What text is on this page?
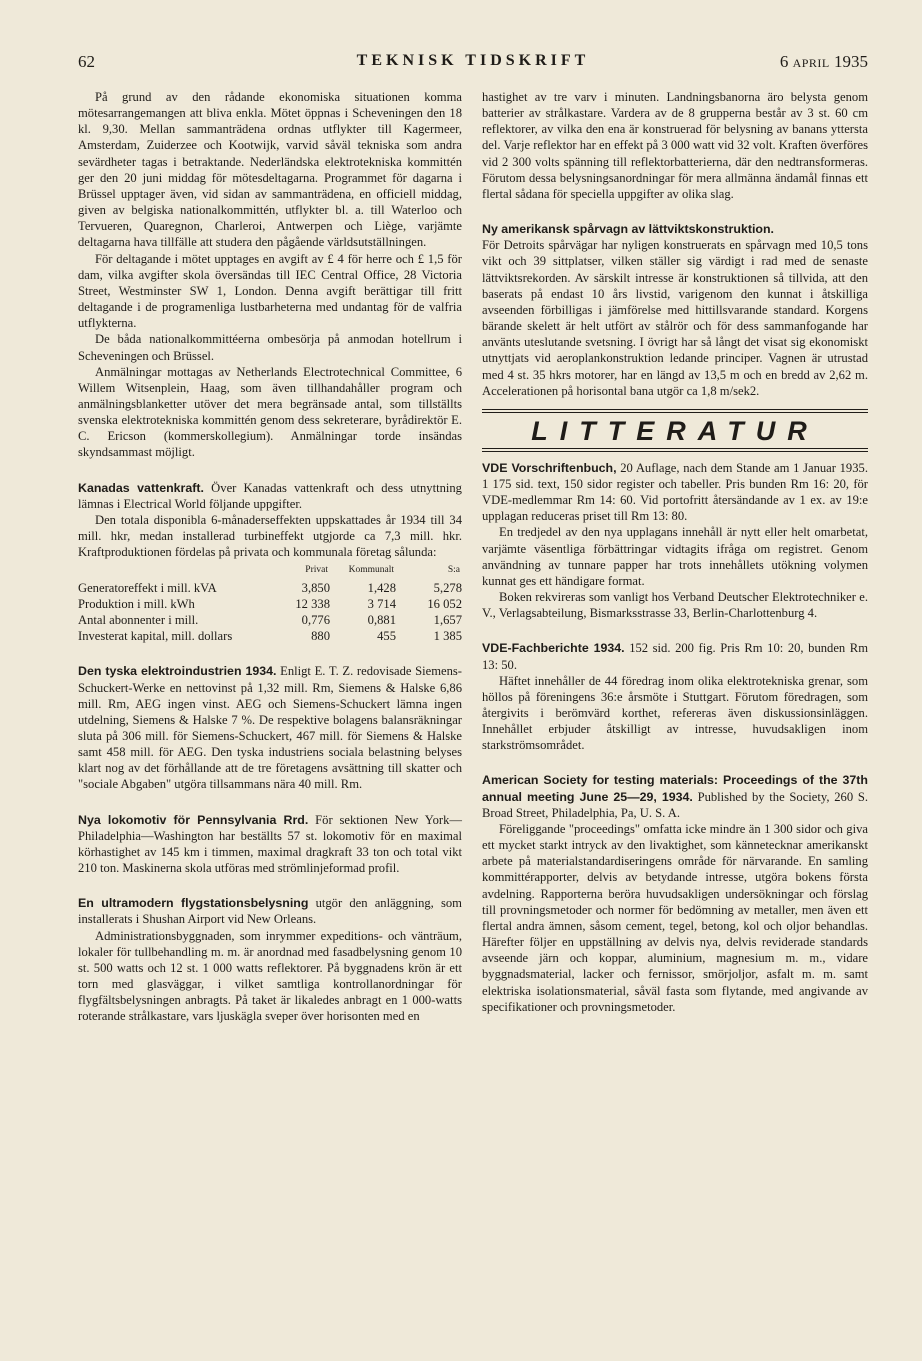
62	TEKNISK TIDSKRIFT	6 APRIL 1935

På grund av den rådande ekonomiska situationen komma mötesarrangemangen att bliva enkla. Mötet öppnas i Scheveningen den 18 kl. 9,30. Mellan sammanträdena ordnas utflykter till Kagermeer, Amsterdam, Zuiderzee och Kootwijk, varvid såväl tekniska som andra sevärdheter tagas i betraktande. Nederländska elektrotekniska kommittén ger den 20 juni middag för mötesdeltagarna. Programmet för dagarna i Brüssel upptager även, vid sidan av sammanträdena, en officiell middag, given av belgiska nationalkommittén, utflykter bl. a. till Waterloo och Tervueren, Quaregnon, Charleroi, Antwerpen och Liège, varjämte deltagarna hava tillfälle att studera den pågående världsutställningen.

För deltagande i mötet upptages en avgift av £ 4 för herre och £ 1,5 för dam, vilka avgifter skola översändas till IEC Central Office, 28 Victoria Street, Westminster SW 1, London. Denna avgift berättigar till fritt deltagande i de programenliga lustbarheterna med undantag för de valfria utflykterna.

De båda nationalkommittéerna ombesörja på anmodan hotellrum i Scheveningen och Brüssel.

Anmälningar mottagas av Netherlands Electrotechnical Committee, 6 Willem Witsenplein, Haag, som även tillhandahåller program och anmälningsblanketter utöver det mera begränsade antal, som tillställts svenska elektrotekniska kommittén genom dess sekreterare, byrådirektör E. C. Ericson (kommerskollegium). Anmälningar torde insändas skyndsammast möjligt.

Kanadas vattenkraft. Över Kanadas vattenkraft och dess utnyttning lämnas i Electrical World följande uppgifter.

Den totala disponibla 6-månaderseffekten uppskattades år 1934 till 34 mill. hkr, medan installerad turbineffekt utgjorde ca 7,3 mill. hkr. Kraftproduktionen fördelas på privata och kommunala företag sålunda:

	Privat	Kommunalt	S:a
Generatoreffekt i mill. kVA	3,850	1,428	5,278
Produktion i mill. kWh	12 338	3 714	16 052
Antal abonnenter i mill.	0,776	0,881	1,657
Investerat kapital, mill. dollars	880	455	1 385

Den tyska elektroindustrien 1934. Enligt E. T. Z. redovisade Siemens-Schuckert-Werke en nettovinst på 1,32 mill. Rm, Siemens & Halske 6,86 mill. Rm, AEG ingen vinst. AEG och Siemens-Schuckert lämna ingen utdelning, Siemens & Halske 7 %. De respektive bolagens balansräkningar sluta på 306 mill. för Siemens-Schuckert, 467 mill. för Siemens & Halske samt 458 mill. för AEG. Den tyska industriens sociala belastning belyses klart nog av det förhållande att de tre företagens avsättning till skatter och "sociale Abgaben" utgöra tillsammans nära 40 mill. Rm.

Nya lokomotiv för Pennsylvania Rrd. För sektionen New York—Philadelphia—Washington har beställts 57 st. lokomotiv för en maximal körhastighet av 145 km i timmen, maximal dragkraft 33 ton och total vikt 210 ton. Maskinerna skola utföras med strömlinjeformad profil.

En ultramodern flygstationsbelysning utgör den anläggning, som installerats i Shushan Airport vid New Orleans.

Administrationsbyggnaden, som inrymmer expeditions- och vänträum, lokaler för tullbehandling m. m. är anordnad med fasadbelysning genom 10 st. 500 watts och 12 st. 1 000 watts reflektorer. På byggnadens krön är ett torn med glasväggar, i vilket samtliga kontrollanordningar för flygfältsbelysningen anbragts. På taket är likaledes anbragt en 1 000-watts roterande strålkastare, vars ljuskägla sveper över horisonten med en

hastighet av tre varv i minuten. Landningsbanorna äro belysta genom batterier av strålkastare. Vardera av de 8 grupperna består av 3 st. 60 cm reflektorer, av vilka den ena är konstruerad för belysning av banans yttersta del. Varje reflektor har en effekt på 3 000 watt vid 32 volt. Kraften överföres vid 2 300 volts spänning till reflektorbatterierna, där den nedtransformeras. Förutom dessa belysningsanordningar för mera allmänna ändamål finnas ett flertal sådana för speciella uppgifter av olika slag.

Ny amerikansk spårvagn av lättviktskonstruktion.

För Detroits spårvägar har nyligen konstruerats en spårvagn med 10,5 tons vikt och 39 sittplatser, vilken ställer sig värdigt i rad med de senaste lättviktsrekorden. Av särskilt intresse är konstruktionen så tillvida, att den baserats på endast 10 års livstid, varigenom den kunnat i åtskilliga avseenden förbilligas i jämförelse med hittillsvarande standard. Korgens bärande skelett är helt utfört av stålrör och för dess sammanfogande har använts uteslutande svetsning. I övrigt har så långt det visat sig ekonomiskt utnyttjats vid aeroplankonstruktion ledande principer. Vagnen är utrustad med 4 st. 35 hkrs motorer, har en längd av 13,5 m och en bredd av 2,62 m. Accelerationen på horisontal bana utgör ca 1,8 m/sek2.

LITTERATUR

VDE Vorschriftenbuch, 20 Auflage, nach dem Stande am 1 Januar 1935. 1 175 sid. text, 150 sidor register och tabeller. Pris bunden Rm 16: 20, för VDE-medlemmar Rm 14: 60. Vid portofritt återsändande av 1 ex. av 19:e upplagan reduceras priset till Rm 13: 80.

En tredjedel av den nya upplagans innehåll är nytt eller helt omarbetat, varjämte väsentliga förbättringar vidtagits ifråga om registret. Genom användning av tunnare papper har trots innehållets utökning volymen kunnat ges ett händigare format.

Boken rekvireras som vanligt hos Verband Deutscher Elektrotechniker e. V., Verlagsabteilung, Bismarksstrasse 33, Berlin-Charlottenburg 4.

VDE-Fachberichte 1934. 152 sid. 200 fig. Pris Rm 10: 20, bunden Rm 13: 50.

Häftet innehåller de 44 föredrag inom olika elektrotekniska grenar, som höllos på föreningens 36:e årsmöte i Stuttgart. Förutom föredragen, som återgivits i berömvärd korthet, refereras även diskussionsinläggen. Innehållet erbjuder åtskilligt av intresse, huvudsakligen inom starkströmsområdet.

American Society for testing materials: Proceedings of the 37th annual meeting June 25—29, 1934. Published by the Society, 260 S. Broad Street, Philadelphia, Pa, U. S. A.

Föreliggande "proceedings" omfatta icke mindre än 1 300 sidor och giva ett mycket starkt intryck av den livaktighet, som kännetecknar amerikanskt arbete på materialstandardiseringens område för närvarande. En samling kommittérapporter, delvis av betydande intresse, utgöra bokens första avdelning. Rapporterna beröra huvudsakligen undersökningar och förslag till provningsmetoder och normer för bedömning av metaller, men även ett flertal andra ämnen, såsom cement, tegel, betong, kol och oljor behandlas. Härefter följer en uppställning av delvis nya, delvis reviderade standards avseende järn och koppar, aluminium, magnesium m. m., vidare byggnadsmaterial, lacker och fernissor, smörjoljor, asfalt m. m. samt elektriska isolationsmaterial, såväl fasta som flytande, med angivande av specifikationer och provningsmetoder.
